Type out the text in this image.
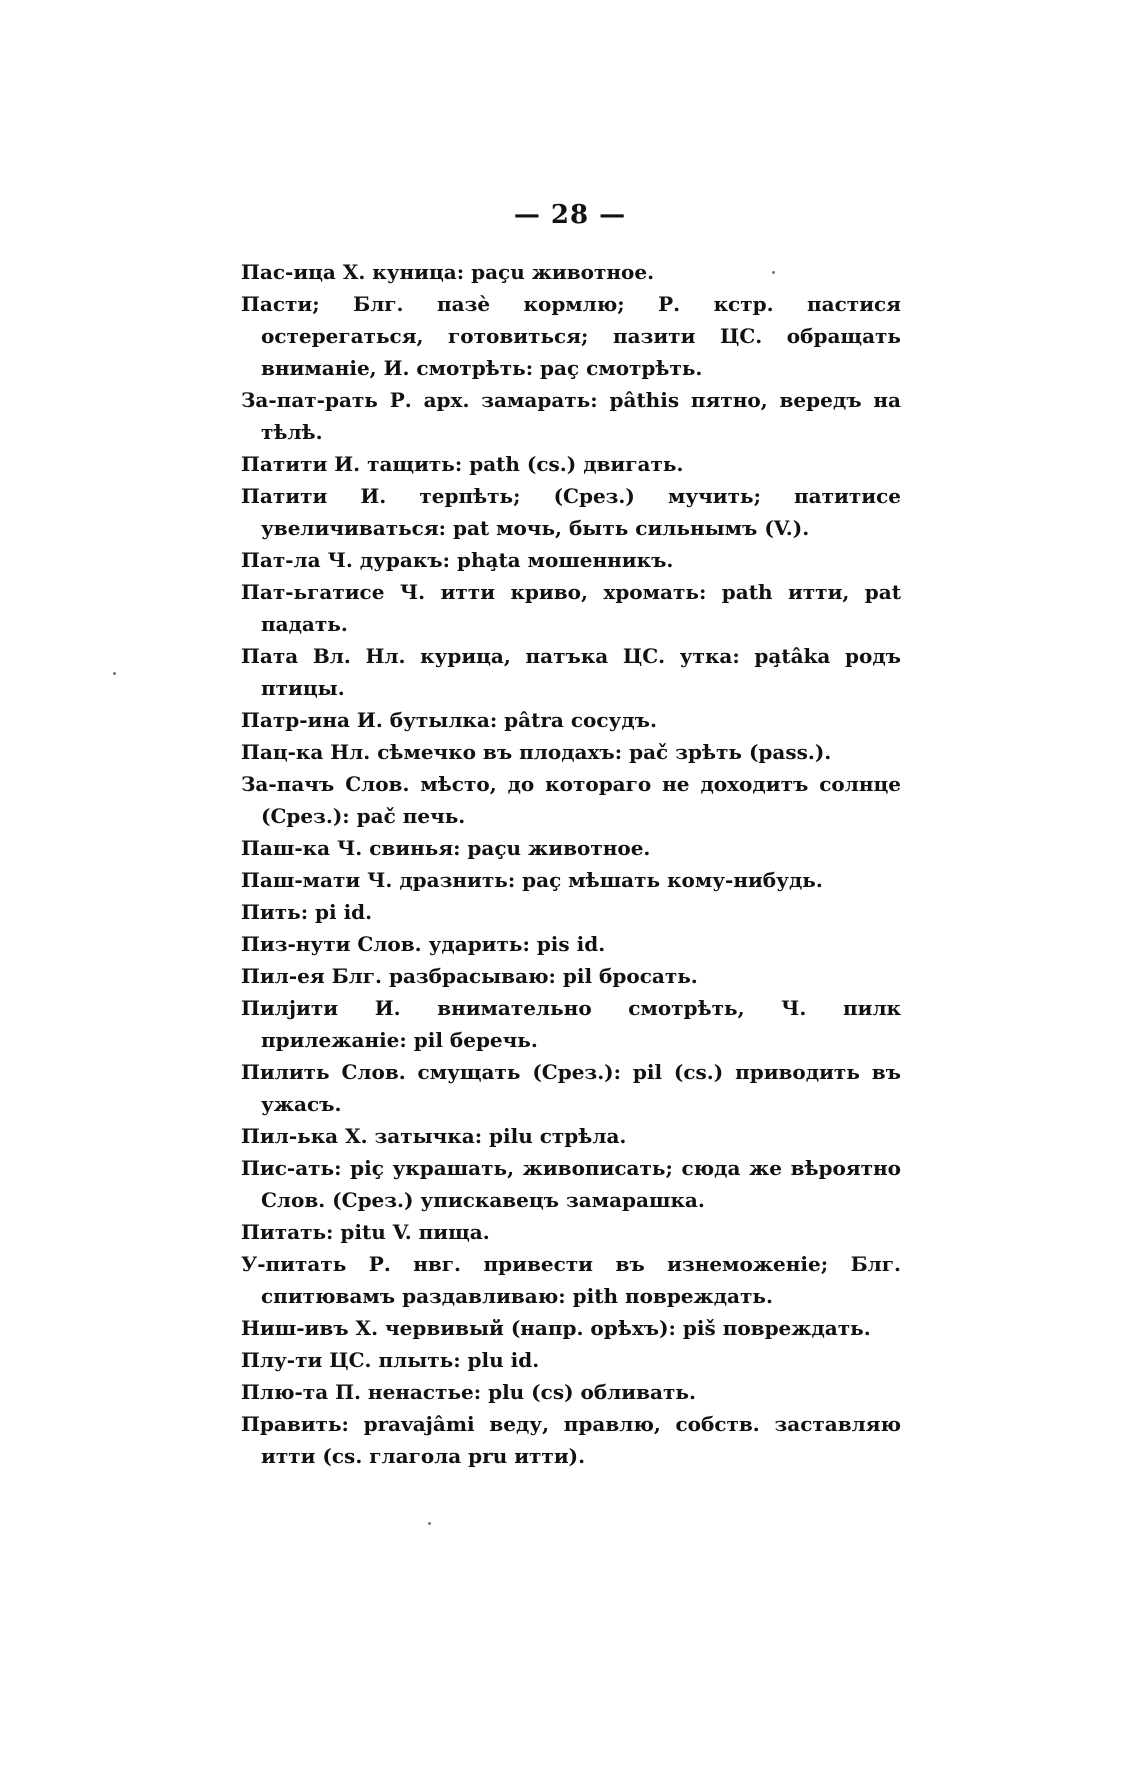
— 28 —
Пас-ица Х. куница: paçu животное.
Пасти; Блг. пазѐ кормлю; Р. кстр. пастися остерегаться, готовиться; пазити ЦС. обращать вниманіе, И. смотрѣть: paç смотрѣть.
За-пат-рать Р. арх. замарать: pâthis пятно, вередъ на тѣлѣ.
Патити И. тащить: path (cs.) двигать.
Патити И. терпѣть; (Срез.) мучить; патитисе увеличиваться: pat мочь, быть сильнымъ (V.).
Пат-ла Ч. дуракъ: pha̧ta мошенникъ.
Пат-ьгатисе Ч. итти криво, хромать: path итти, pat падать.
Пата Вл. Нл. курица, патъка ЦС. утка: pa̧tâka родъ птицы.
Патр-ина И. бутылка: pâtra сосудъ.
Пац-ка Нл. сѣмечко въ плодахъ: pač зрѣть (pass.).
За-пачъ Слов. мѣсто, до котораго не доходитъ солнце (Срез.): pač печь.
Паш-ка Ч. свинья: paçu животное.
Паш-мати Ч. дразнить: paç мѣшать кому-нибудь.
Пить: pi id.
Пиз-нути Слов. ударить: pis id.
Пил-ея Блг. разбрасываю: pil бросать.
Пилјити И. внимательно смотрѣть, Ч. пилк прилежаніе: pil беречь.
Пилить Слов. смущать (Срез.): pil (cs.) приводить въ ужасъ.
Пил-ька Х. затычка: pilu стрѣла.
Пис-ать: piç украшать, живописать; сюда же вѣроятно Слов. (Срез.) упискавецъ замарашка.
Питать: pitu V. пища.
У-питать Р. нвг. привести въ изнеможеніе; Блг. спитювамъ раздавливаю: pith повреждать.
Ниш-ивъ Х. червивый (напр. орѣхъ): piš повреждать.
Плу-ти ЦС. плыть: plu id.
Плю-та П. ненастье: plu (cs) обливать.
Править: pravajâmi веду, правлю, собств. заставляю итти (cs. глагола pru итти).
